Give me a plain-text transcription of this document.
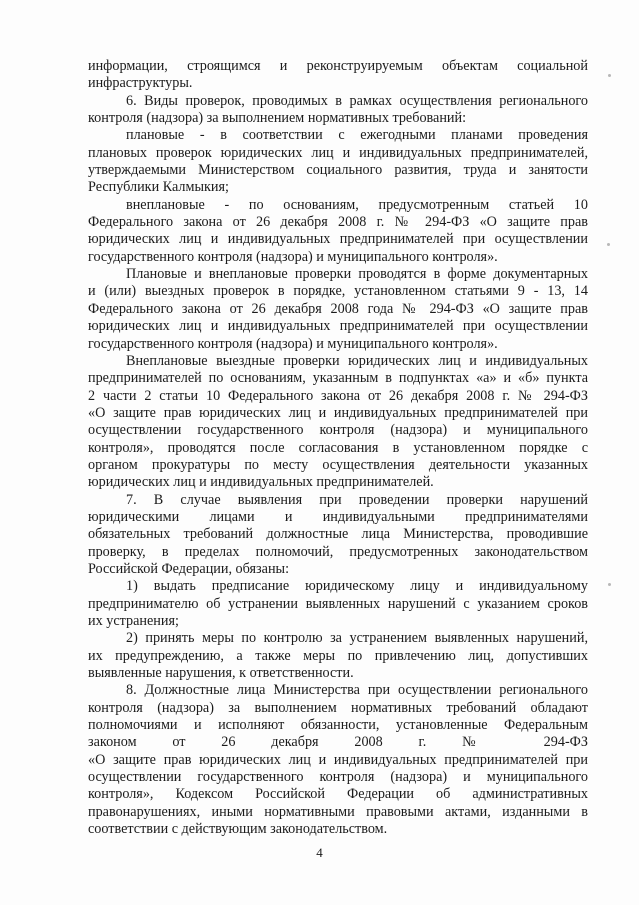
информации, строящимся и реконструируемым объектам социальной
инфраструктуры.
6. Виды проверок, проводимых в рамках осуществления регионального
контроля (надзора) за выполнением нормативных требований:
плановые - в соответствии с ежегодными планами проведения
плановых проверок юридических лиц и индивидуальных предпринимателей,
утверждаемыми Министерством социального развития, труда и занятости
Республики Калмыкия;
внеплановые - по основаниям, предусмотренным статьей 10
Федерального закона от 26 декабря 2008 г. № 294-ФЗ «О защите прав
юридических лиц и индивидуальных предпринимателей при осуществлении
государственного контроля (надзора) и муниципального контроля».
Плановые и внеплановые проверки проводятся в форме документарных
и (или) выездных проверок в порядке, установленном статьями 9 - 13, 14
Федерального закона от 26 декабря 2008 года № 294-ФЗ «О защите прав
юридических лиц и индивидуальных предпринимателей при осуществлении
государственного контроля (надзора) и муниципального контроля».
Внеплановые выездные проверки юридических лиц и индивидуальных
предпринимателей по основаниям, указанным в подпунктах «а» и «б» пункта
2 части 2 статьи 10 Федерального закона от 26 декабря 2008 г. № 294-ФЗ
«О защите прав юридических лиц и индивидуальных предпринимателей при
осуществлении государственного контроля (надзора) и муниципального
контроля», проводятся после согласования в установленном порядке с
органом прокуратуры по месту осуществления деятельности указанных
юридических лиц и индивидуальных предпринимателей.
7. В случае выявления при проведении проверки нарушений
юридическими лицами и индивидуальными предпринимателями
обязательных требований должностные лица Министерства, проводившие
проверку, в пределах полномочий, предусмотренных законодательством
Российской Федерации, обязаны:
1) выдать предписание юридическому лицу и индивидуальному
предпринимателю об устранении выявленных нарушений с указанием сроков
их устранения;
2) принять меры по контролю за устранением выявленных нарушений,
их предупреждению, а также меры по привлечению лиц, допустивших
выявленные нарушения, к ответственности.
8. Должностные лица Министерства при осуществлении регионального
контроля (надзора) за выполнением нормативных требований обладают
полномочиями и исполняют обязанности, установленные Федеральным
законом от 26 декабря 2008 г. № 294-ФЗ
«О защите прав юридических лиц и индивидуальных предпринимателей при
осуществлении государственного контроля (надзора) и муниципального
контроля», Кодексом Российской Федерации об административных
правонарушениях, иными нормативными правовыми актами, изданными в
соответствии с действующим законодательством.
4
